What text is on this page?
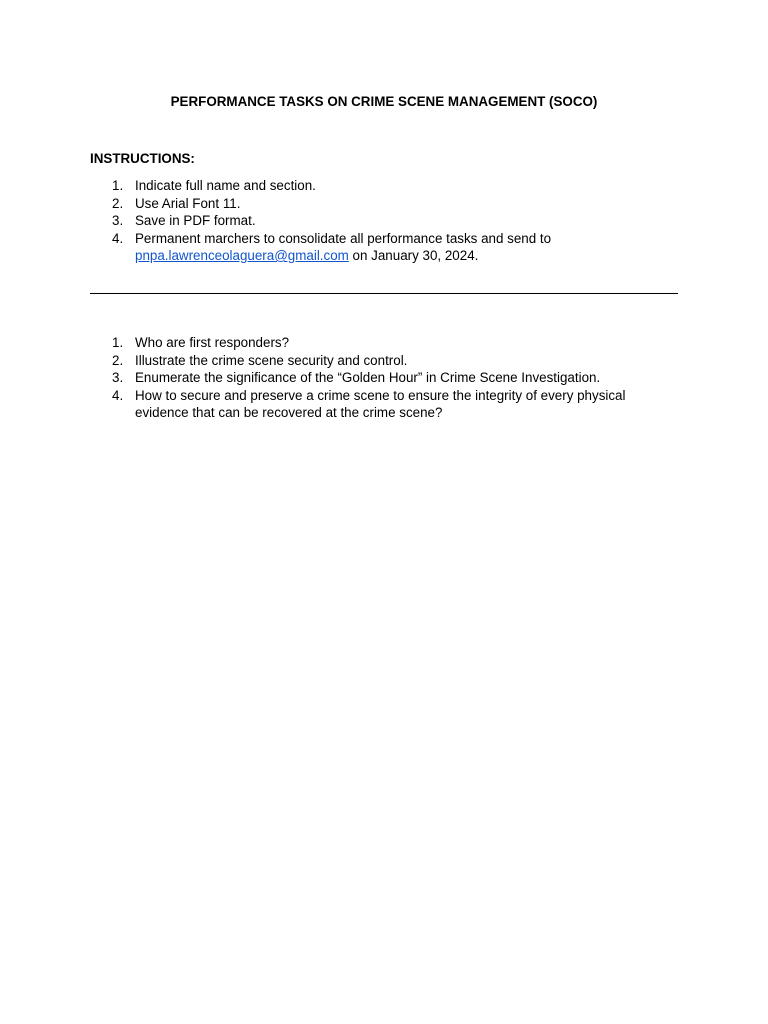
PERFORMANCE TASKS ON CRIME SCENE MANAGEMENT (SOCO)
INSTRUCTIONS:
1. Indicate full name and section.
2. Use Arial Font 11.
3. Save in PDF format.
4. Permanent marchers to consolidate all performance tasks and send to
pnpa.lawrenceolaguera@gmail.com on January 30, 2024.
1. Who are first responders?
2. Illustrate the crime scene security and control.
3. Enumerate the significance of the “Golden Hour” in Crime Scene Investigation.
4. How to secure and preserve a crime scene to ensure the integrity of every physical evidence that can be recovered at the crime scene?
